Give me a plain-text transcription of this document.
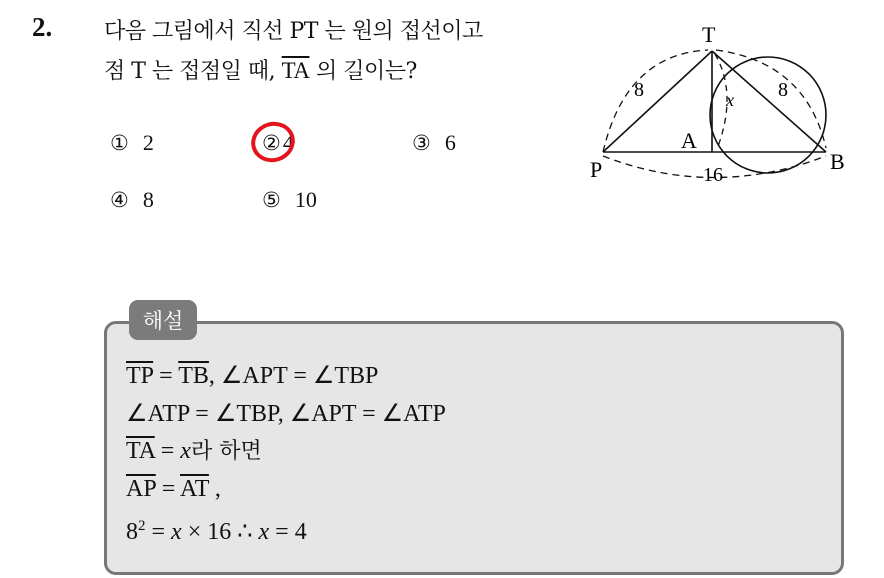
2. 다음 그림에서 직선 PT 는 원의 접선이고
점 T 는 접점일 때, $\overline{TA}$ 의 길이는?
① 2	②4	③ 6
④ 8	⑤ 10
T
A
P	B
8	8
x
16
해설
$\overline{TP} = \overline{TB}$, ∠APT = ∠TBP
∠ATP = ∠TBP, ∠APT = ∠ATP
$\overline{TA} = x$라 하면
$\overline{AP} = \overline{AT}$ ,
$8^2 = x \times 16$ ∴ x = 4
